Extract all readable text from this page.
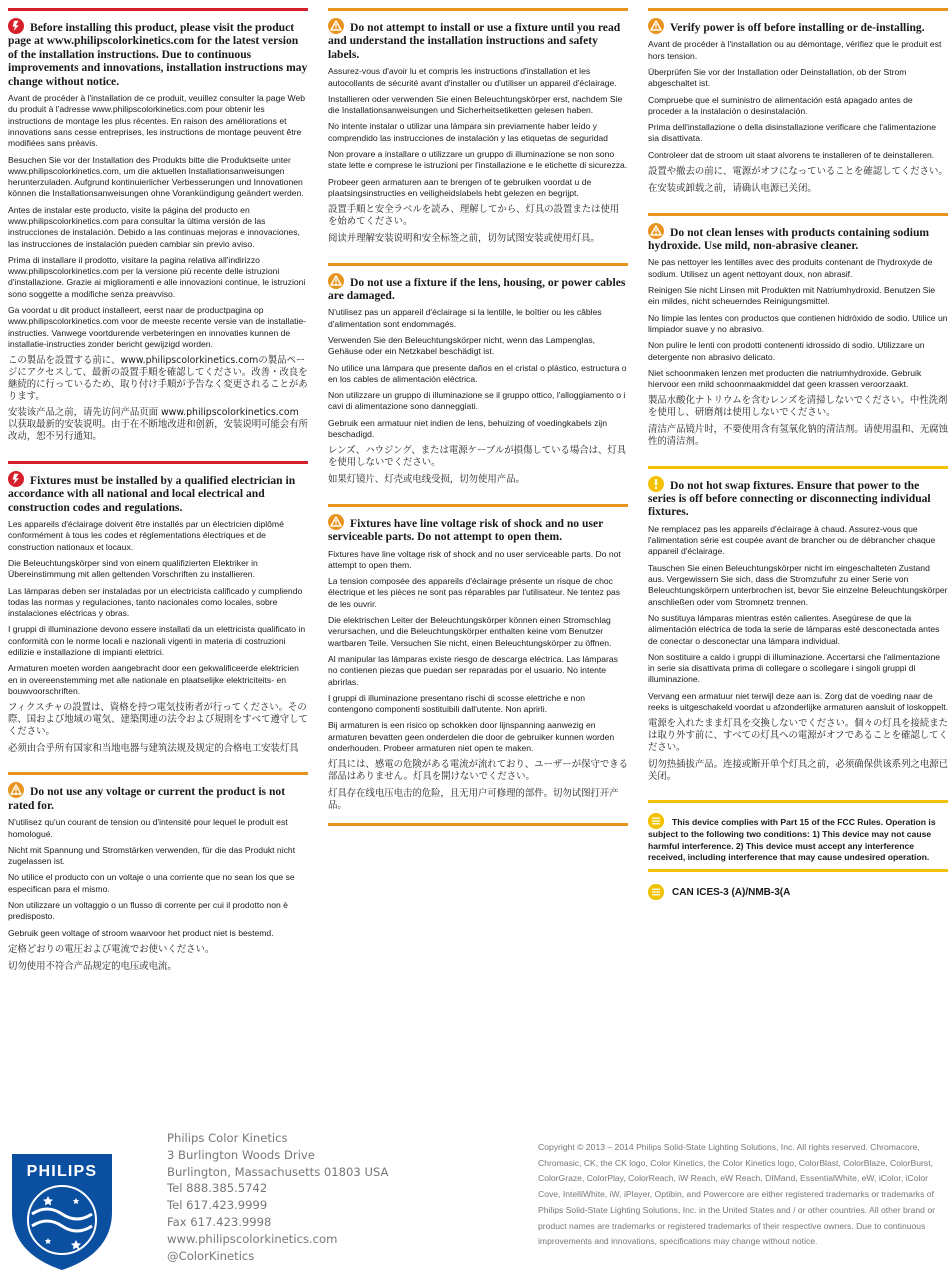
Before installing this product, please visit the product page at www.philipscolorkinetics.com for the latest version of the installation instructions. Due to continuous improvements and innovations, installation instructions may change without notice.
Avant de procéder à l'installation de ce produit, veuillez consulter la page Web du produit à l'adresse www.philipscolorkinetics.com pour obtenir les instructions de montage les plus récentes. En raison des améliorations et innovations sans cesse entreprises, les instructions de montage peuvent être modifiées sans préavis.
Besuchen Sie vor der Installation des Produkts bitte die Produktseite unter www.philipscolorkinetics.com, um die aktuellen Installationsanweisungen herunterzuladen. Aufgrund kontinuierlicher Verbesserungen und Innovationen können die Installationsanweisungen ohne Vorankündigung geändert werden.
Antes de instalar este producto, visite la página del producto en www.philipscolorkinetics.com para consultar la última versión de las instrucciones de instalación. Debido a las continuas mejoras e innovaciones, las instrucciones de instalación pueden cambiar sin previo aviso.
Prima di installare il prodotto, visitare la pagina relativa all'indirizzo www.philipscolorkinetics.com per la versione più recente delle istruzioni d'installazione. Grazie ai miglioramenti e alle innovazioni continue, le istruzioni sono soggette a modifiche senza preavviso.
Ga voordat u dit product installeert, eerst naar de productpagina op www.philipscolorkinetics.com voor de meeste recente versie van de installatie-instructies. Vanwege voortdurende verbeteringen en innovaties kunnen de installatie-instructies zonder bericht gewijzigd worden.
この製品を設置する前に、www.philipscolorkinetics.comの製品ページにアクセスして、最新の設置手順を確認してください。改善・改良を継続的に行っているため、取り付け手順が予告なく変更されることがあります。
安装该产品之前，请先访问产品页面 www.philipscolorkinetics.com 以获取最新的安装说明。由于在不断地改进和创新，安装说明可能会有所改动，恕不另行通知。
Fixtures must be installed by a qualified electrician in accordance with all national and local electrical and construction codes and regulations.
Les appareils d'éclairage doivent être installés par un électricien diplômé conformément à tous les codes et réglementations électriques et de construction nationaux et locaux.
Die Beleuchtungskörper sind von einem qualifizierten Elektriker in Übereinstimmung mit allen geltenden Vorschriften zu installieren.
Las lámparas deben ser instaladas por un electricista calificado y cumpliendo todas las normas y regulaciones, tanto nacionales como locales, sobre instalaciones eléctricas y obras.
I gruppi di illuminazione devono essere installati da un elettricista qualificato in conformità con le norme locali e nazionali vigenti in materia di costruzioni edilizie e installazione di impianti elettrici.
Armaturen moeten worden aangebracht door een gekwalificeerde elektricien en in overeenstemming met alle nationale en plaatselijke elektriciteits- en bouwvoorschriften.
フィクスチャの設置は、資格を持つ電気技術者が行ってください。その際、国および地域の電気、建築関連の法令および規則をすべて遵守してください。
必须由合乎所有国家和当地电器与建筑法规及规定的合格电工安装灯具
Do not use any voltage or current the product is not rated for.
N'utilisez qu'un courant de tension ou d'intensité pour lequel le produit est homologué.
Nicht mit Spannung und Stromstärken verwenden, für die das Produkt nicht zugelassen ist.
No utilice el producto con un voltaje o una corriente que no sean los que se especifican para el mismo.
Non utilizzare un voltaggio o un flusso di corrente per cui il prodotto non è predisposto.
Gebruik geen voltage of stroom waarvoor het product niet is bestemd.
定格どおりの電圧および電流でお使いください。
切勿使用不符合产品规定的电压或电流。
Do not attempt to install or use a fixture until you read and understand the installation instructions and safety labels.
Assurez-vous d'avoir lu et compris les instructions d'installation et les autocollants de sécurité avant d'installer ou d'utiliser un appareil d'éclairage.
Installieren oder verwenden Sie einen Beleuchtungskörper erst, nachdem Sie die Installationsanweisungen und Sicherheitsetiketten gelesen haben.
No intente instalar o utilizar una lámpara sin previamente haber leído y comprendido las instrucciones de instalación y las etiquetas de seguridad
Non provare a installare o utilizzare un gruppo di illuminazione se non sono state lette e comprese le istruzioni per l'installazione e le etichette di sicurezza.
Probeer geen armaturen aan te brengen of te gebruiken voordat u de plaatsingsinstructies en veiligheidslabels hebt gelezen en begrijpt.
設置手順と安全ラベルを読み、理解してから、灯具の設置または使用を始めてください。
阅读并理解安装说明和安全标签之前，切勿试图安装或使用灯具。
Do not use a fixture if the lens, housing, or power cables are damaged.
N'utilisez pas un appareil d'éclairage si la lentille, le boîtier ou les câbles d'alimentation sont endommagés.
Verwenden Sie den Beleuchtungskörper nicht, wenn das Lampenglas, Gehäuse oder ein Netzkabel beschädigt ist.
No utilice una lámpara que presente daños en el cristal o plástico, estructura o en los cables de alimentación eléctrica.
Non utilizzare un gruppo di illuminazione se il gruppo ottico, l'alloggiamento o i cavi di alimentazione sono danneggiati.
Gebruik een armatuur niet indien de lens, behuizing of voedingkabels zijn beschadigd.
レンズ、ハウジング、または電源ケーブルが損傷している場合は、灯具を使用しないでください。
如果灯镜片、灯壳或电线受损，切勿使用产品。
Fixtures have line voltage risk of shock and no user serviceable parts. Do not attempt to open them.
Fixtures have line voltage risk of shock and no user serviceable parts. Do not attempt to open them.
La tension composée des appareils d'éclairage présente un risque de choc électrique et les pièces ne sont pas réparables par l'utilisateur. Ne tentez pas de les ouvrir.
Die elektrischen Leiter der Beleuchtungskörper können einen Stromschlag verursachen, und die Beleuchtungskörper enthalten keine vom Benutzer wartbaren Teile. Versuchen Sie nicht, einen Beleuchtungskörper zu öffnen.
Al manipular las lámparas existe riesgo de descarga eléctrica. Las lámparas no contienen piezas que puedan ser reparadas por el usuario. No intente abrirlas.
I gruppi di illuminazione presentano rischi di scosse elettriche e non contengono componenti sostituibili dall'utente. Non aprirli.
Bij armaturen is een risico op schokken door lijnspanning aanwezig en armaturen bevatten geen onderdelen die door de gebruiker kunnen worden onderhouden. Probeer armaturen niet open te maken.
灯具には、感電の危険がある電流が流れており、ユーザーが保守できる部品はありません。灯具を開けないでください。
灯具存在线电压电击的危险，且无用户可修理的部件。切勿试图打开产品。
Verify power is off before installing or de-installing.
Avant de procéder à l'installation ou au démontage, vérifiez que le produit est hors tension.
Überprüfen Sie vor der Installation oder Deinstallation, ob der Strom abgeschaltet ist.
Compruebe que el suministro de alimentación está apagado antes de proceder a la instalación o desinstalación.
Prima dell'installazione o della disinstallazione verificare che l'alimentazione sia disattivata.
Controleer dat de stroom uit staat alvorens te installeren of te deinstalleren.
設置や撤去の前に、電源がオフになっていることを確認してください。
在安装或卸载之前，请确认电源已关闭。
Do not clean lenses with products containing sodium hydroxide. Use mild, non-abrasive cleaner.
Ne pas nettoyer les lentilles avec des produits contenant de l'hydroxyde de sodium. Utilisez un agent nettoyant doux, non abrasif.
Reinigen Sie nicht Linsen mit Produkten mit Natriumhydroxid. Benutzen Sie ein mildes, nicht scheuerndes Reinigungsmittel.
No limpie las lentes con productos que contienen hidróxido de sodio. Utilice un limpiador suave y no abrasivo.
Non pulire le lenti con prodotti contenenti idrossido di sodio. Utilizzare un detergente non abrasivo delicato.
Niet schoonmaken lenzen met producten die natriumhydroxide. Gebruik hiervoor een mild schoonmaakmiddel dat geen krassen veroorzaakt.
製品水酸化ナトリウムを含むレンズを清掃しないでください。中性洗剤を使用し、研磨剤は使用しないでください。
清洁产品镜片时，不要使用含有氢氧化钠的清洁剂。请使用温和、无腐蚀性的清洁剂。
Do not hot swap fixtures. Ensure that power to the series is off before connecting or disconnecting individual fixtures.
Ne remplacez pas les appareils d'éclairage à chaud. Assurez-vous que l'alimentation série est coupée avant de brancher ou de débrancher chaque appareil d'éclairage.
Tauschen Sie einen Beleuchtungskörper nicht im eingeschalteten Zustand aus. Vergewissern Sie sich, dass die Stromzufuhr zu einer Serie von Beleuchtungskörpern unterbrochen ist, bevor Sie einzelne Beleuchtungskörper anschließen oder vom Stromnetz trennen.
No sustituya lámparas mientras estén calientes. Asegúrese de que la alimentación eléctrica de toda la serie de lámparas esté desconectada antes de conectar o desconectar una lámpara individual.
Non sostituire a caldo i gruppi di illuminazione. Accertarsi che l'alimentazione in serie sia disattivata prima di collegare o scollegare i singoli gruppi di illuminazione.
Vervang een armatuur niet terwijl deze aan is. Zorg dat de voeding naar de reeks is uitgeschakeld voordat u afzonderlijke armaturen aansluit of loskoppelt.
電源を入れたまま灯具を交換しないでください。個々の灯具を接続または取り外す前に、すべての灯具への電源がオフであることを確認してください。
切勿热插拔产品。连接或断开单个灯具之前，必须确保供该系列之电源已关闭。
This device complies with Part 15 of the FCC Rules. Operation is subject to the following two conditions: 1) This device may not cause harmful interference. 2) This device must accept any interference received, including interference that may cause undesired operation.
CAN ICES-3 (A)/NMB-3(A
PHILIPS
Philips Color Kinetics
3 Burlington Woods Drive
Burlington, Massachusetts 01803 USA
Tel 888.385.5742
Tel 617.423.9999
Fax 617.423.9998
www.philipscolorkinetics.com
@ColorKinetics

Copyright © 2013 – 2014 Philips Solid-State Lighting Solutions, Inc. All rights reserved. Chromacore, Chromasic, CK, the CK logo, Color Kinetics, the Color Kinetics logo, ColorBlast, ColorBlaze, ColorBurst, ColorGraze, ColorPlay, ColorReach, iW Reach, eW Reach, DIMand, EssentialWhite, eW, iColor, iColor Cove, IntelliWhite, iW, iPlayer, Optibin, and Powercore are either registered trademarks or trademarks of Philips Solid-State Lighting Solutions, Inc. in the United States and / or other countries. All other brand or product names are trademarks or registered trademarks of their respective owners. Due to continuous improvements and innovations, specifications may change without notice.
